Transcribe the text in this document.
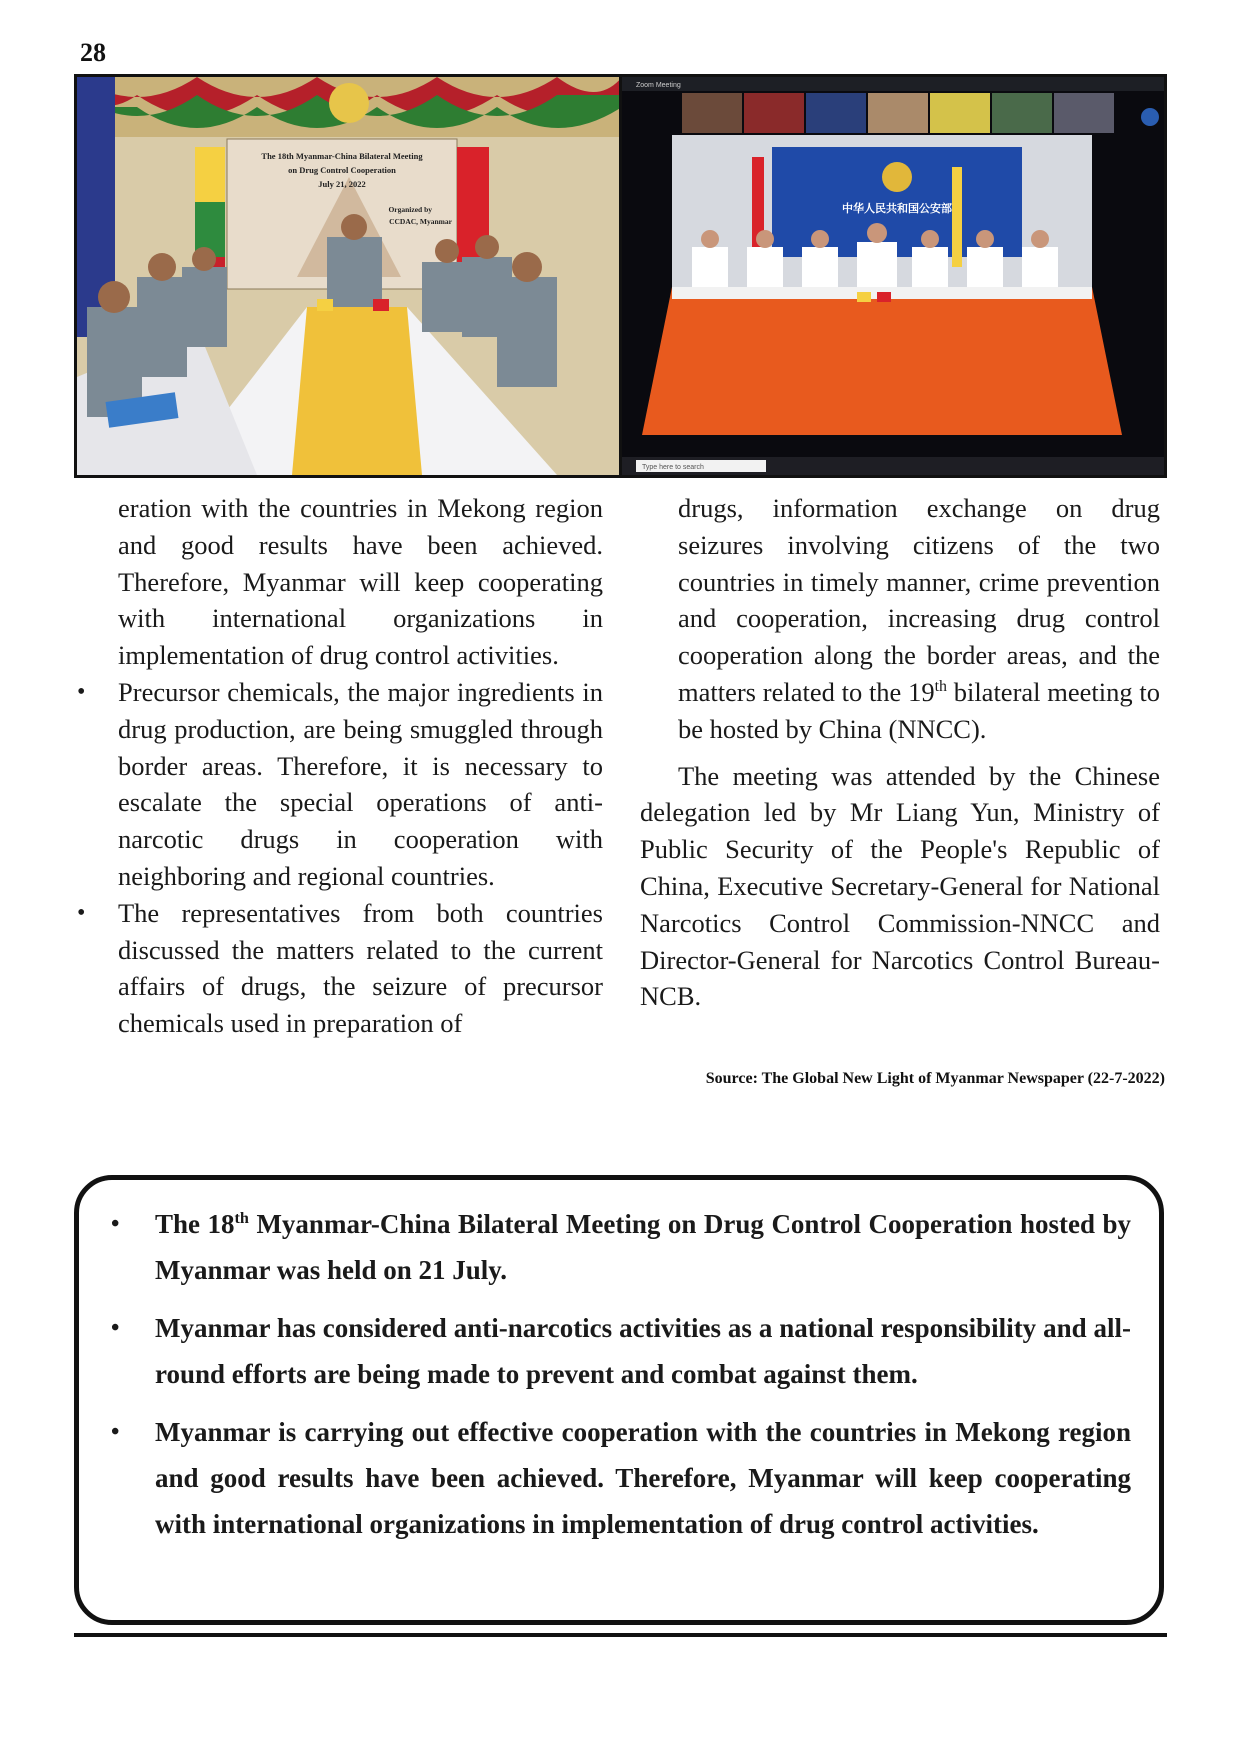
28
The 18th Myanmar-China Bilateral Meeting
on Drug Control Cooperation
July 21, 2022
Organized by
CCDAC, Myanmar
Zoom Meeting
中华人民共和国公安部
Type here to search

eration with the countries in Mekong region and good results have been achieved. Therefore, Myanmar will keep cooperating with international organizations in implementation of drug control activities.

• Precursor chemicals, the major ingredients in drug production, are being smuggled through border areas. Therefore, it is necessary to escalate the special operations of anti-narcotic drugs in cooperation with neighboring and regional countries.

• The representatives from both countries discussed the matters related to the current affairs of drugs, the seizure of precursor chemicals used in preparation of

drugs, information exchange on drug seizures involving citizens of the two countries in timely manner, crime prevention and cooperation, increasing drug control cooperation along the border areas, and the matters related to the 19th bilateral meeting to be hosted by China (NNCC).

The meeting was attended by the Chinese delegation led by Mr Liang Yun, Ministry of Public Security of the People's Republic of China, Executive Secretary-General for National Narcotics Control Commission-NNCC and Director-General for Narcotics Control Bureau-NCB.

Source: The Global New Light of Myanmar Newspaper (22-7-2022)
• The 18th Myanmar-China Bilateral Meeting on Drug Control Cooperation hosted by Myanmar was held on 21 July.
• Myanmar has considered anti-narcotics activities as a national responsibility and all-round efforts are being made to prevent and combat against them.
• Myanmar is carrying out effective cooperation with the countries in Mekong region and good results have been achieved. Therefore, Myanmar will keep cooperating with international organizations in implementation of drug control activities.
